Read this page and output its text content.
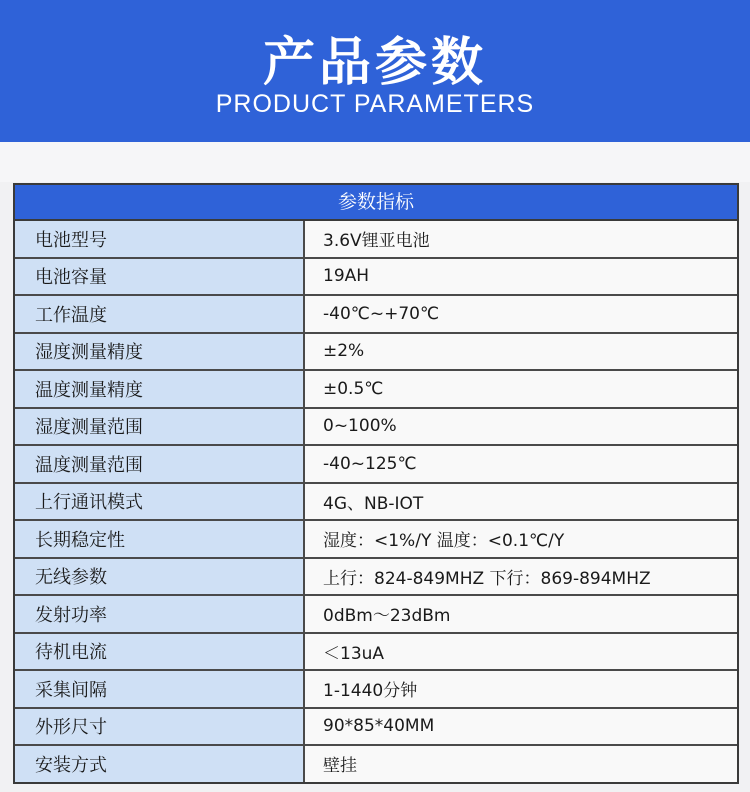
产品参数
PRODUCT PARAMETERS
参数指标
电池型号	3.6V锂亚电池
电池容量	19AH
工作温度	-40℃~+70℃
湿度测量精度	±2%
温度测量精度	±0.5℃
湿度测量范围	0~100%
温度测量范围	-40~125℃
上行通讯模式	4G、NB-IOT
长期稳定性	湿度：<1%/Y 温度：<0.1℃/Y
无线参数	上行：824-849MHZ 下行：869-894MHZ
发射功率	0dBm～23dBm
待机电流	＜13uA
采集间隔	1-1440分钟
外形尺寸	90*85*40MM
安装方式	壁挂
